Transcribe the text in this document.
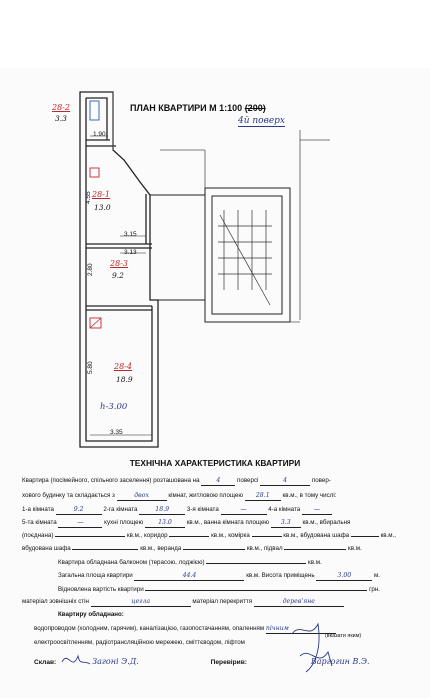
ПЛАН КВАРТИРИ М 1:100 (200)
4й поверх
28-2
3.3
1.90
28-1
13.0
4.55
3.15
3.13
28-3
9.2
2.80
28-4
18.9
5.80
h-3.00
3.35
ТЕХНІЧНА ХАРАКТЕРИСТИКА КВАРТИРИ
Квартира (посімейного, спільного заселення) розташована на	4	поверсі	4	повер-
хового будинку та складається з	двох	кімнат, житловою площею 28.1 кв.м., в тому числі:
1-а кімната	9.2	2-га кімната	18.9	3-я кімната	—	4-а кімната —
5-та кімната	—	кухні площею 13.0 кв.м., ванна кімната площею 3.3 кв.м., вбиральня
(поєднана)	кв.м., коридор	кв.м., комірка	кв.м., вбудована шафа	кв.м.,
вбудована шафа	кв.м., веранда	кв.м., підвал	кв.м.
Квартира обладнана балконом (терасою, лоджією)	кв.м.
Загальна площа квартири	44.4	кв.м. Висота приміщень	3.00	м.
Відновлена вартість квартири	грн.
матеріал зовнішніх стін	цегла	матеріал перекриття	дерев'яне
Квартиру обладнано:
водопроводом (холодним, гарячим), каналізацією, газопостачанням, опаленням пічним
(вказати яким)
електроосвітленням, радіотрансляційною мережею, сміттєводом, ліфтом
Склав:	Загоні Э.Д.	Перевірив:	Варгогин В.Э.
